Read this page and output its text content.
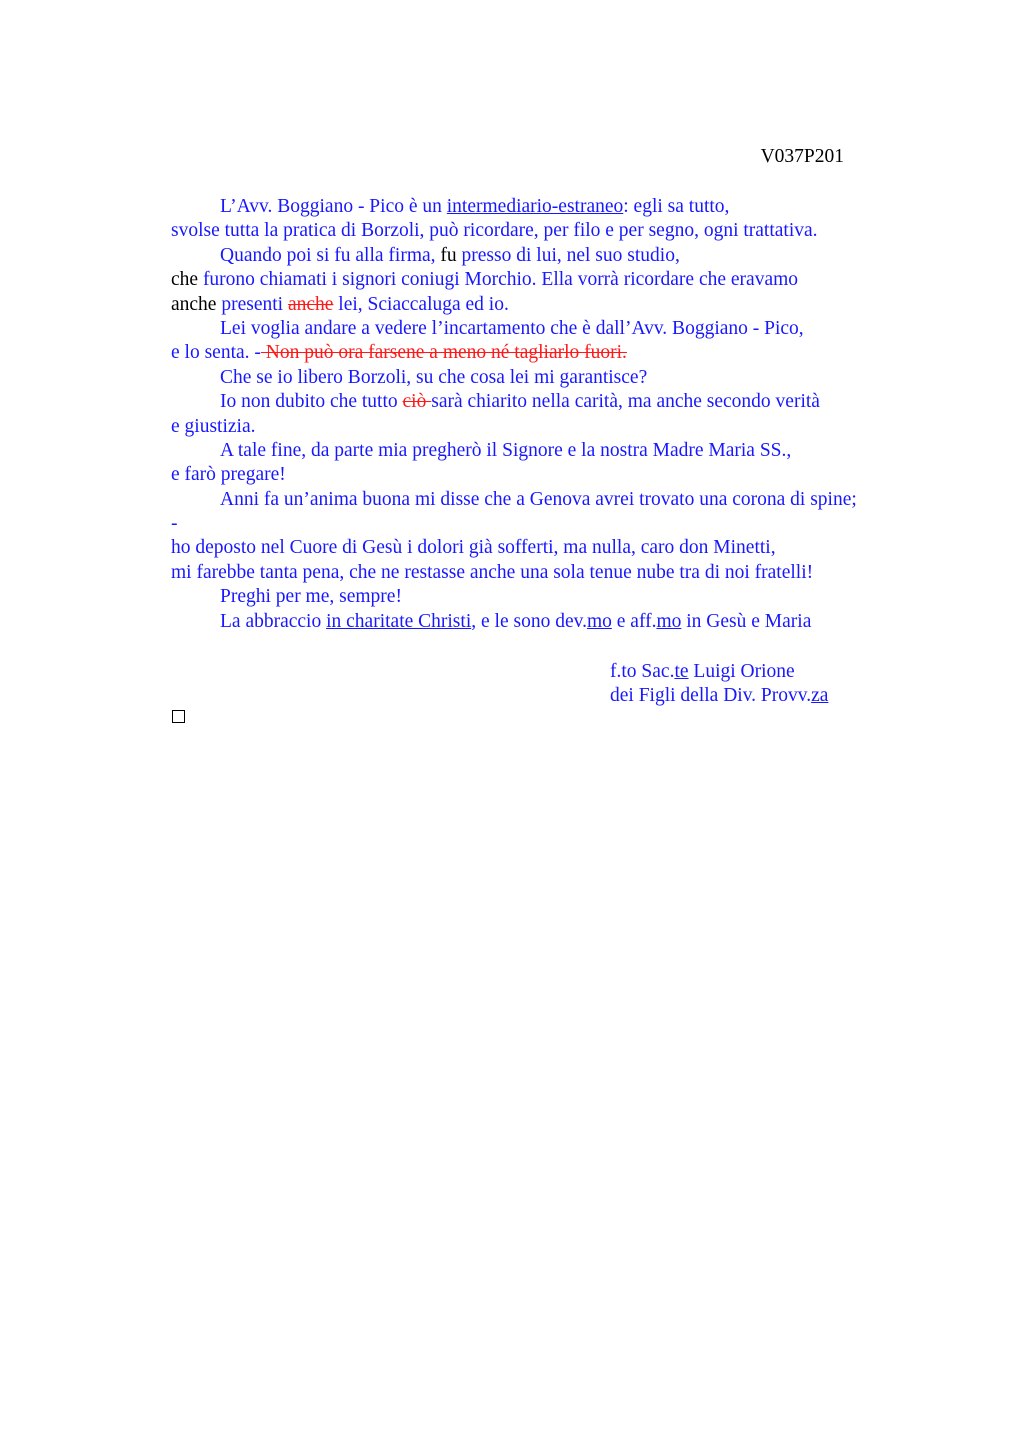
V037P201
L’Avv. Boggiano - Pico è un intermediario-estraneo: egli sa tutto,
svolse tutta la pratica di Borzoli, può ricordare, per filo e per segno, ogni trattativa.
Quando poi si fu alla firma, fu presso di lui, nel suo studio,
che furono chiamati i signori coniugi Morchio. Ella vorrà ricordare che eravamo
anche presenti anche lei, Sciaccaluga ed io.
Lei voglia andare a vedere l’incartamento che è dall’Avv. Boggiano - Pico,
e lo senta. - Non può ora farsene a meno né tagliarlo fuori.
Che se io libero Borzoli, su che cosa lei mi garantisce?
Io non dubito che tutto ciò sarà chiarito nella carità, ma anche secondo verità
e giustizia.
A tale fine, da parte mia pregherò il Signore e la nostra Madre Maria SS.,
e farò pregare!
Anni fa un’anima buona mi disse che a Genova avrei trovato una corona di spine;
-
ho deposto nel Cuore di Gesù i dolori già sofferti, ma nulla, caro don Minetti,
mi farebbe tanta pena, che ne restasse anche una sola tenue nube tra di noi fratelli!
Preghi per me, sempre!
La abbraccio in charitate Christi, e le sono dev.mo e aff.mo in Gesù e Maria
f.to Sac.te Luigi Orione
dei Figli della Div. Provv.za
